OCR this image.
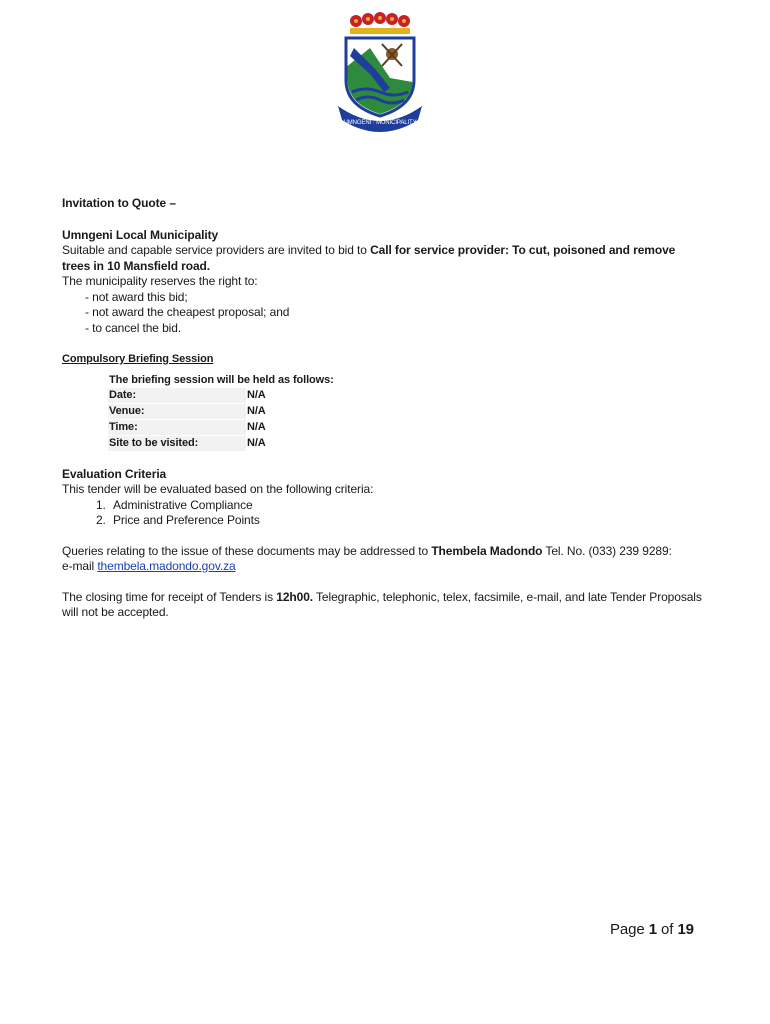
UMNGENI · MUNICIPALITY

Invitation to Quote –

Umngeni Local Municipality

Suitable and capable service providers are invited to bid to Call for service provider: To cut, poisoned and remove trees in 10 Mansfield road.

The municipality reserves the right to:

- not award this bid;

- not award the cheapest proposal; and

- to cancel the bid.

Compulsory Briefing Session

The briefing session will be held as follows:	
Date:	N/A
Venue:	N/A
Time:	N/A
Site to be visited:	N/A

Evaluation Criteria

This tender will be evaluated based on the following criteria:

1. Administrative Compliance
2. Price and Preference Points

Queries relating to the issue of these documents may be addressed to Thembela Madondo Tel. No. (033) 239 9289:

e-mail thembela.madondo.gov.za

The closing time for receipt of Tenders is 12h00. Telegraphic, telephonic, telex, facsimile, e-mail, and late Tender Proposals will not be accepted.

Page 1 of 19
